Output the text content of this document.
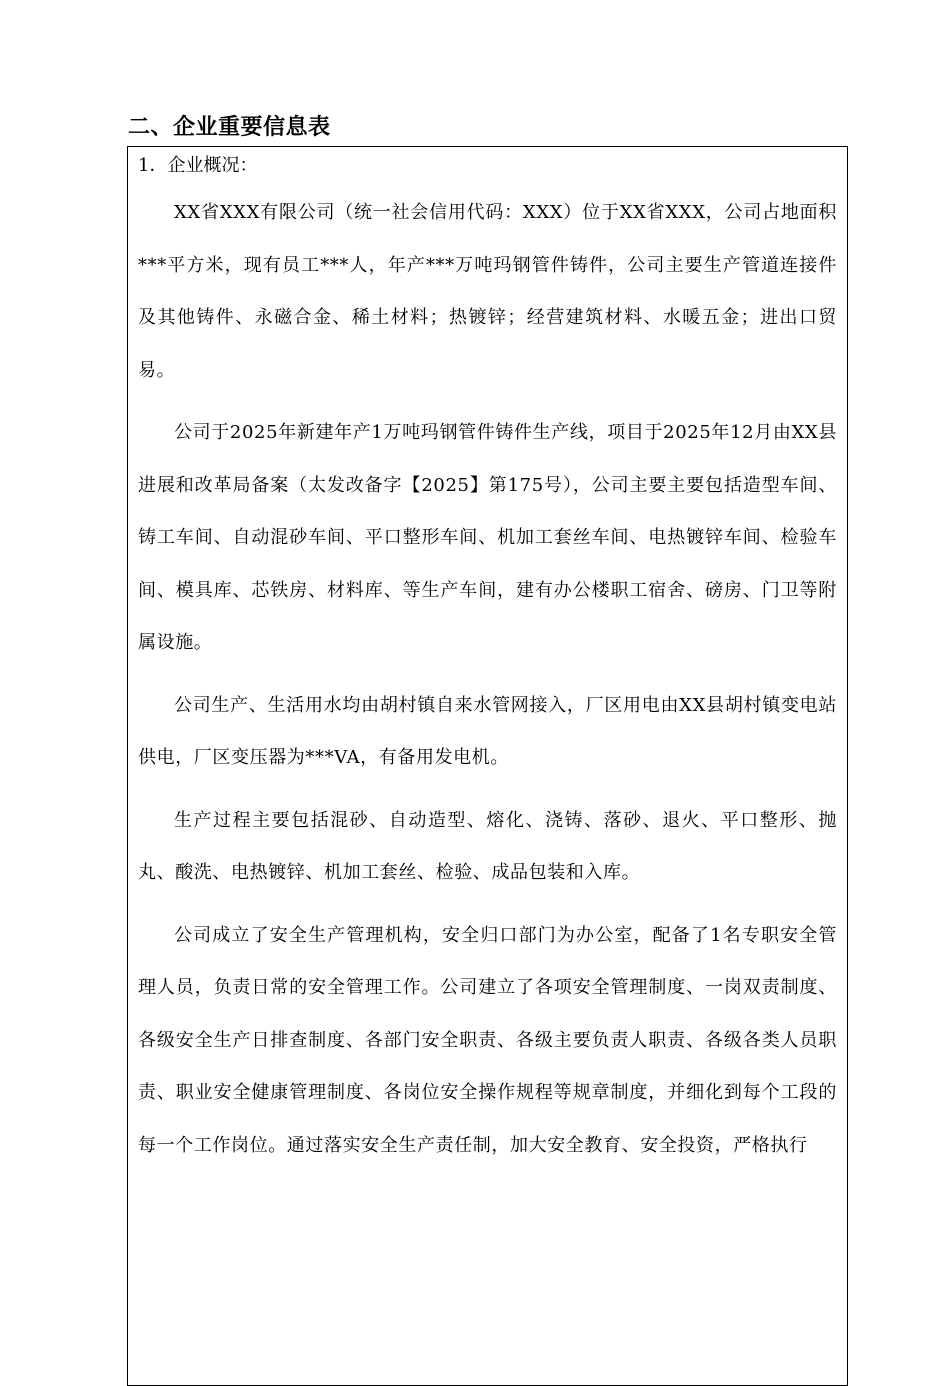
二、企业重要信息表
1．企业概况：

XX省XXX有限公司（统一社会信用代码：XXX）位于XX省XXX，公司占地面积***平方米，现有员工***人，年产***万吨玛钢管件铸件，公司主要生产管道连接件及其他铸件、永磁合金、稀土材料；热镀锌；经营建筑材料、水暖五金；进出口贸易。

公司于2025年新建年产1万吨玛钢管件铸件生产线，项目于2025年12月由XX县进展和改革局备案（太发改备字【2025】第175号），公司主要主要包括造型车间、铸工车间、自动混砂车间、平口整形车间、机加工套丝车间、电热镀锌车间、检验车间、模具库、芯铁房、材料库、等生产车间，建有办公楼职工宿舍、磅房、门卫等附属设施。

公司生产、生活用水均由胡村镇自来水管网接入，厂区用电由XX县胡村镇变电站供电，厂区变压器为***VA，有备用发电机。

生产过程主要包括混砂、自动造型、熔化、浇铸、落砂、退火、平口整形、抛丸、酸洗、电热镀锌、机加工套丝、检验、成品包装和入库。

公司成立了安全生产管理机构，安全归口部门为办公室，配备了1名专职安全管理人员，负责日常的安全管理工作。公司建立了各项安全管理制度、一岗双责制度、各级安全生产日排查制度、各部门安全职责、各级主要负责人职责、各级各类人员职责、职业安全健康管理制度、各岗位安全操作规程等规章制度，并细化到每个工段的每一个工作岗位。通过落实安全生产责任制，加大安全教育、安全投资，严格执行
